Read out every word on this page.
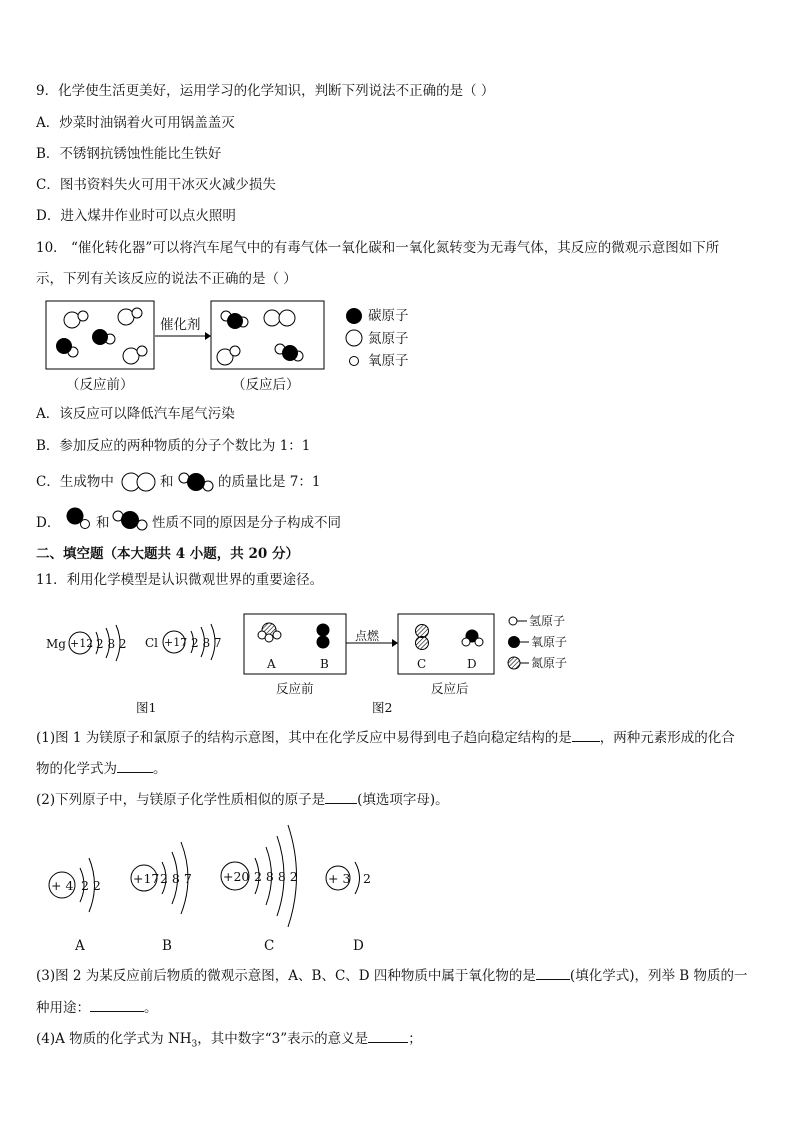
9．化学使生活更美好，运用学习的化学知识，判断下列说法不正确的是（ ）
A．炒菜时油锅着火可用锅盖盖灭
B．不锈钢抗锈蚀性能比生铁好
C．图书资料失火可用干冰灭火减少损失
D．进入煤井作业时可以点火照明
10． “催化转化器”可以将汽车尾气中的有毒气体一氧化碳和一氧化氮转变为无毒气体，其反应的微观示意图如下所
示，下列有关该反应的说法不正确的是（ ）
催化剂
碳原子
氮原子
氧原子
（反应前）	（反应后）
A．该反应可以降低汽车尾气污染
B．参加反应的两种物质的分子个数比为 1：1
C．生成物中	和	的质量比是 7：1
D．	和	性质不同的原因是分子构成不同
二、填空题（本大题共 4 小题，共 20 分）
11．利用化学模型是认识微观世界的重要途径。
Mg +12 2 8 2 Cl +17 2 8 7
图1
A	B
点燃
C	D
氢原子
氧原子
氮原子
反应前	反应后
图2
(1)图 1 为镁原子和氯原子的结构示意图，其中在化学反应中易得到电子趋向稳定结构的是 ，两种元素形成的化合
物的化学式为	。
(2)下列原子中，与镁原子化学性质相似的原子是 (填选项字母)。
+ 4 2 2
A
+17 2 8 7
B
+20 2 8 8 2
C
+ 3 2
D
(3)图 2 为某反应前后物质的微观示意图，A、B、C、D 四种物质中属于氧化物的是	(填化学式)，列举 B 物质的一
种用途：	。
(4)A 物质的化学式为 $NH_3$，其中数字“3”表示的意义是	；
